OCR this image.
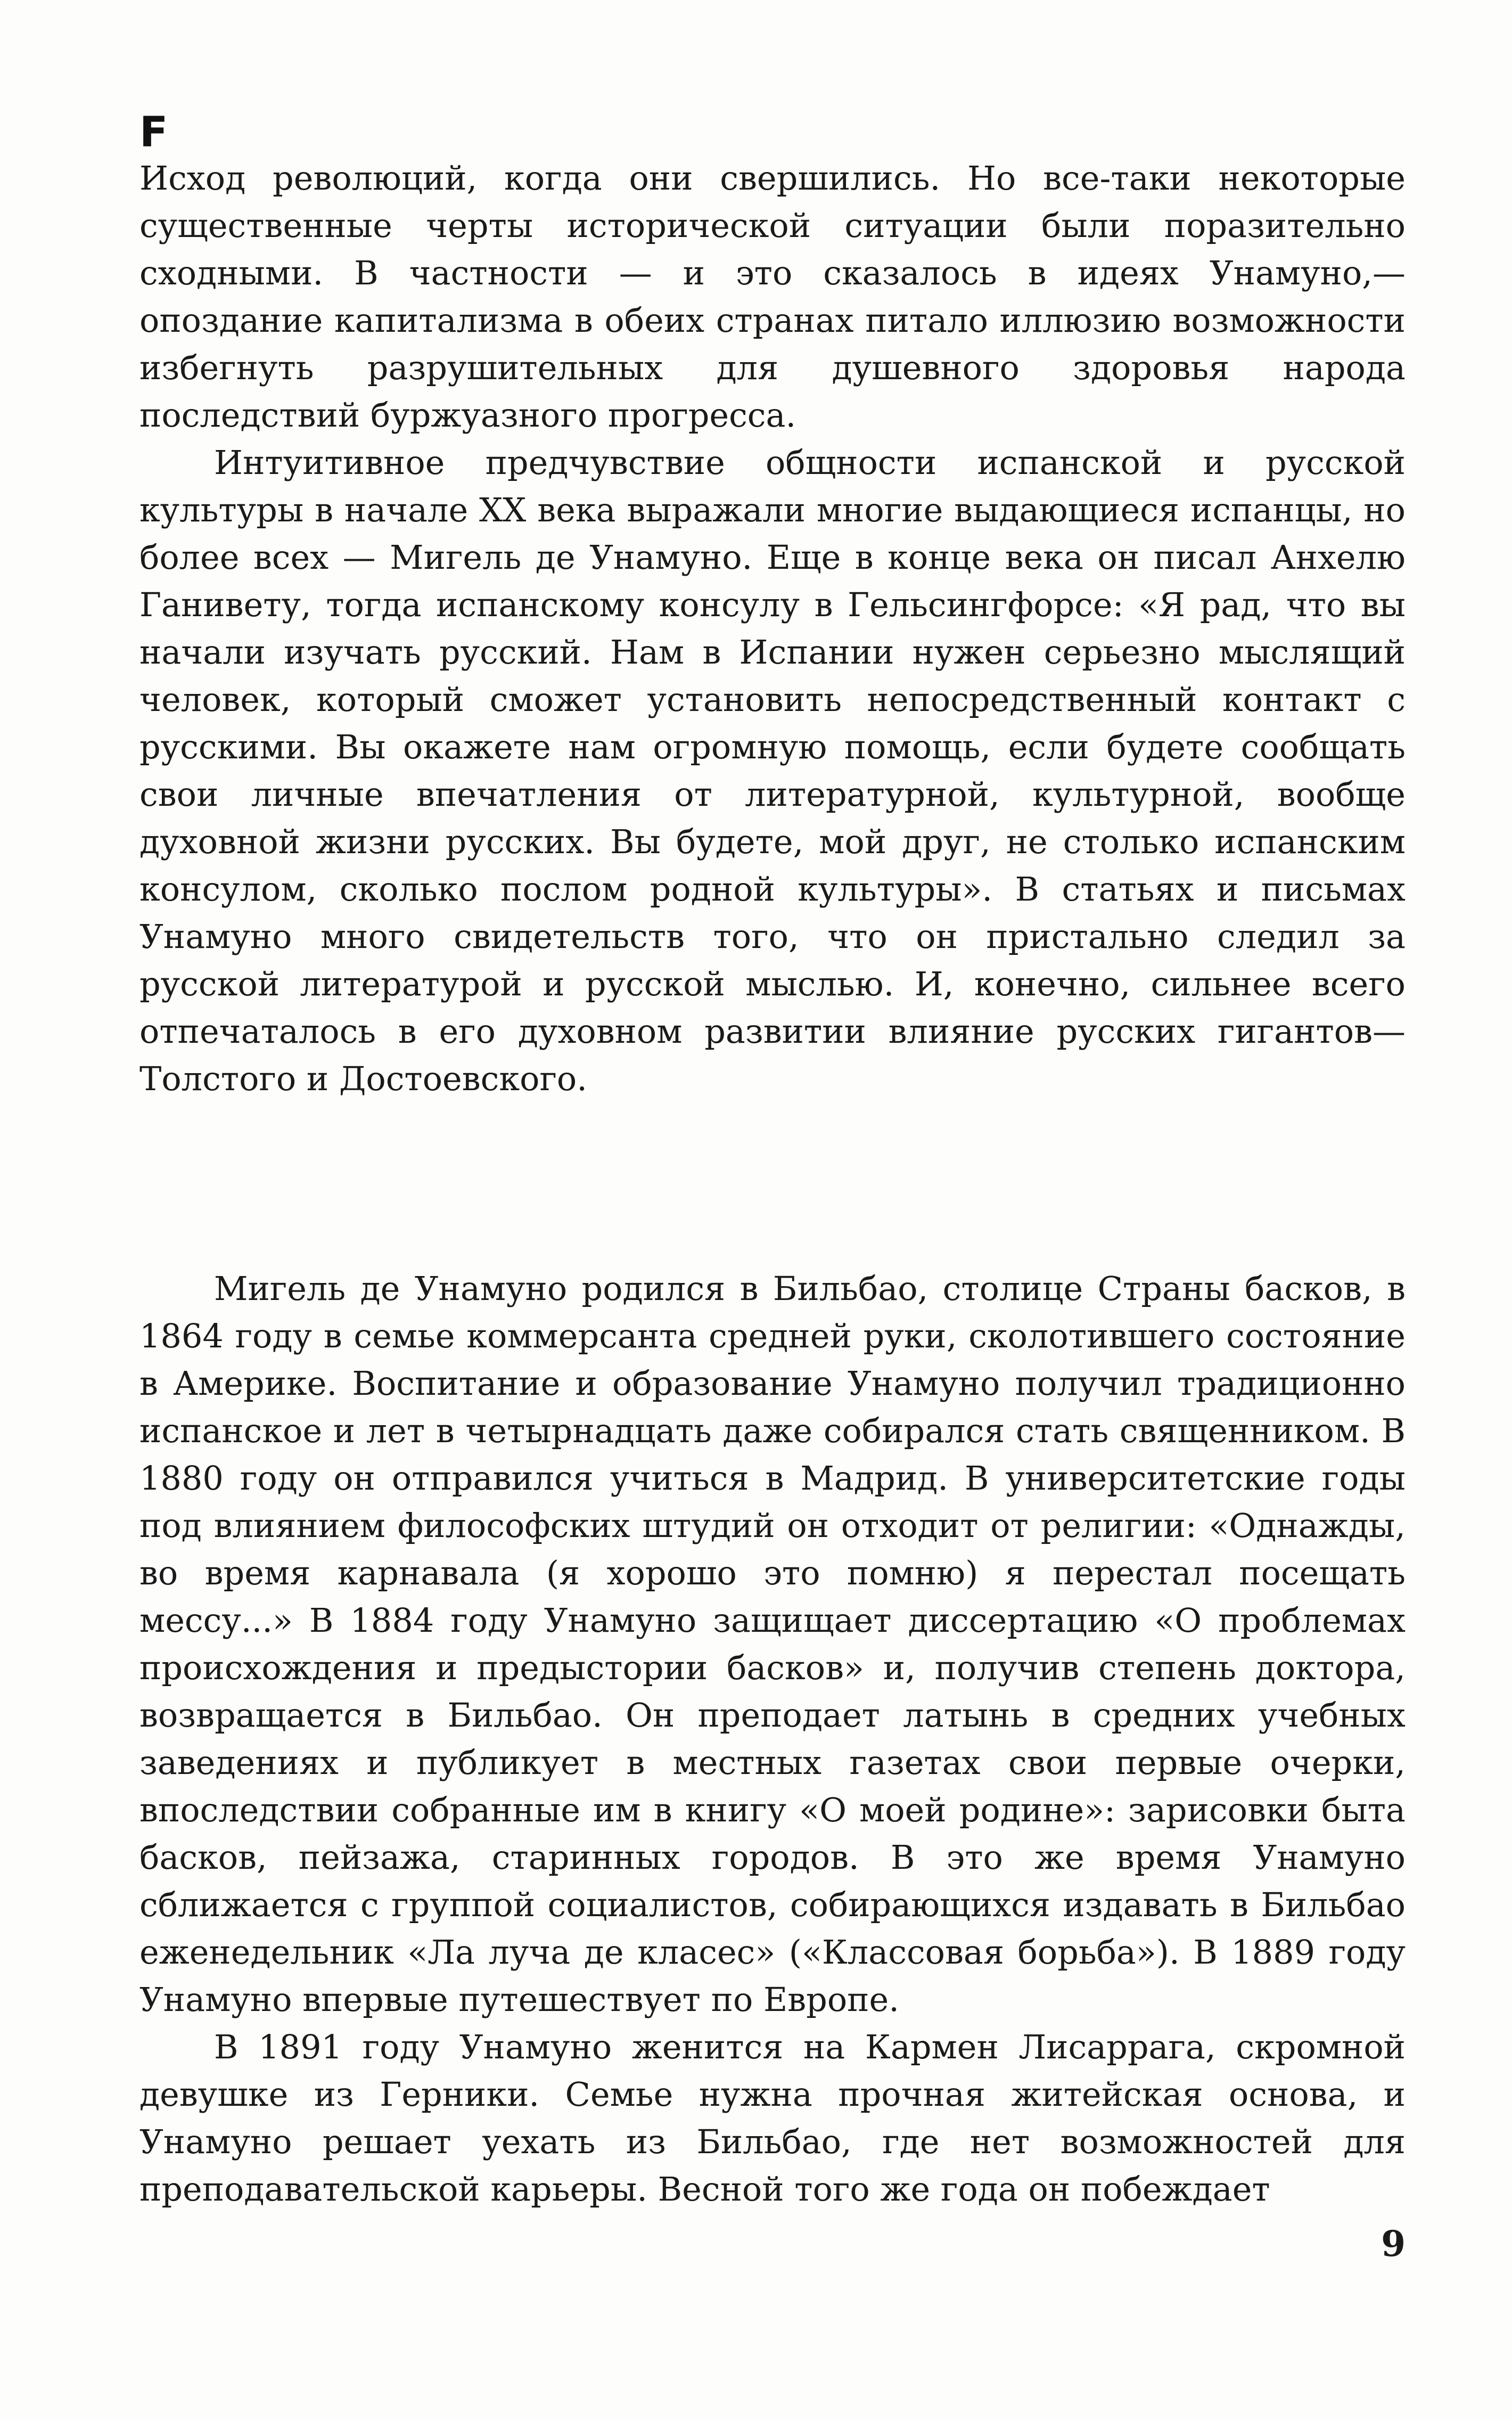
F

Исход революций, когда они свершились. Но все-таки некоторые существенные черты исторической ситуации были поразительно сходными. В частности — и это сказалось в идеях Унамуно,— опоздание капитализма в обеих странах питало иллюзию возможности избегнуть разрушительных для душевного здоровья народа последствий буржуазного прогресса.

Интуитивное предчувствие общности испанской и русской культуры в начале XX века выражали многие выдающиеся испанцы, но более всех — Мигель де Унамуно. Еще в конце века он писал Анхелю Ганивету, тогда испанскому консулу в Гельсингфорсе: «Я рад, что вы начали изучать русский. Нам в Испании нужен серьезно мыслящий человек, который сможет установить непосредственный контакт с русскими. Вы окажете нам огромную помощь, если будете сообщать свои личные впечатления от литературной, культурной, вообще духовной жизни русских. Вы будете, мой друг, не столько испанским консулом, сколько послом родной культуры». В статьях и письмах Унамуно много свидетельств того, что он пристально следил за русской литературой и русской мыслью. И, конечно, сильнее всего отпечаталось в его духовном развитии влияние русских гигантов— Толстого и Достоевского.

Мигель де Унамуно родился в Бильбао, столице Страны басков, в 1864 году в семье коммерсанта средней руки, сколотившего состояние в Америке. Воспитание и образование Унамуно получил традиционно испанское и лет в четырнадцать даже собирался стать священником. В 1880 году он отправился учиться в Мадрид. В университетские годы под влиянием философских штудий он отходит от религии: «Однажды, во время карнавала (я хорошо это помню) я перестал посещать мессу...» В 1884 году Унамуно защищает диссертацию «О проблемах происхождения и предыстории басков» и, получив степень доктора, возвращается в Бильбао. Он преподает латынь в средних учебных заведениях и публикует в местных газетах свои первые очерки, впоследствии собранные им в книгу «О моей родине»: зарисовки быта басков, пейзажа, старинных городов. В это же время Унамуно сближается с группой социалистов, собирающихся издавать в Бильбао еженедельник «Ла луча де класес» («Классовая борьба»). В 1889 году Унамуно впервые путешествует по Европе.

В 1891 году Унамуно женится на Кармен Лисаррага, скромной девушке из Герники. Семье нужна прочная житейская основа, и Унамуно решает уехать из Бильбао, где нет возможностей для преподавательской карьеры. Весной того же года он побеждает

9
